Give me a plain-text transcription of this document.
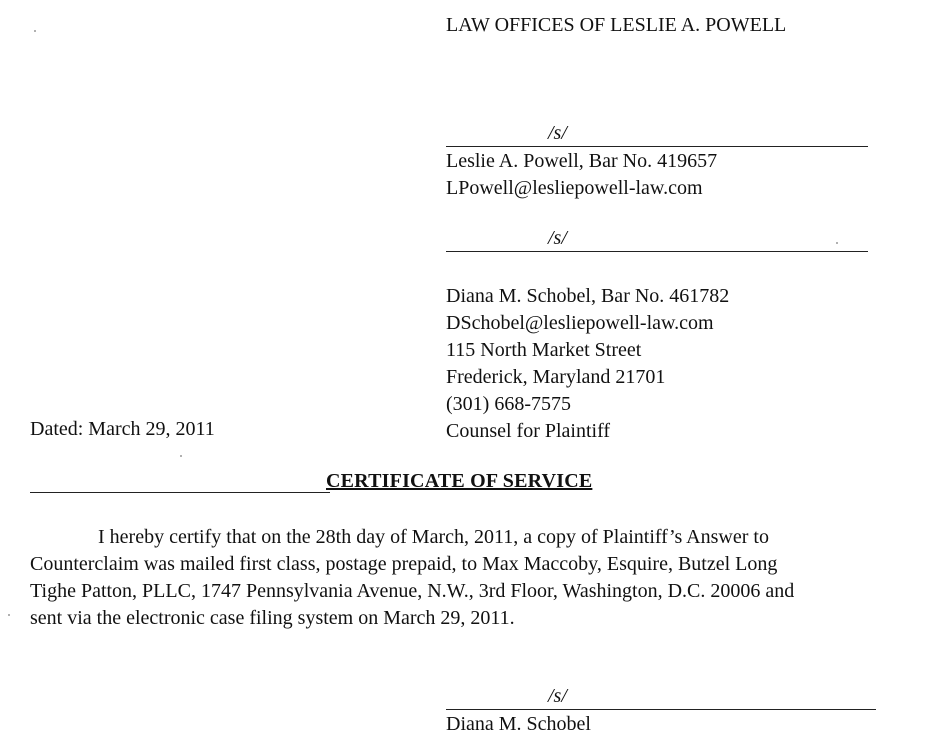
LAW OFFICES OF LESLIE A. POWELL
/s/
Leslie A. Powell, Bar No. 419657
LPowell@lesliepowell-law.com
/s/
Diana M. Schobel, Bar No. 461782
DSchobel@lesliepowell-law.com
115 North Market Street
Frederick, Maryland 21701
(301) 668-7575
Counsel for Plaintiff
Dated: March 29, 2011
CERTIFICATE OF SERVICE
I hereby certify that on the 28th day of March, 2011, a copy of Plaintiff’s Answer to
Counterclaim was mailed first class, postage prepaid, to Max Maccoby, Esquire, Butzel Long
Tighe Patton, PLLC, 1747 Pennsylvania Avenue, N.W., 3rd Floor, Washington, D.C. 20006 and
sent via the electronic case filing system on March 29, 2011.
/s/
Diana M. Schobel
